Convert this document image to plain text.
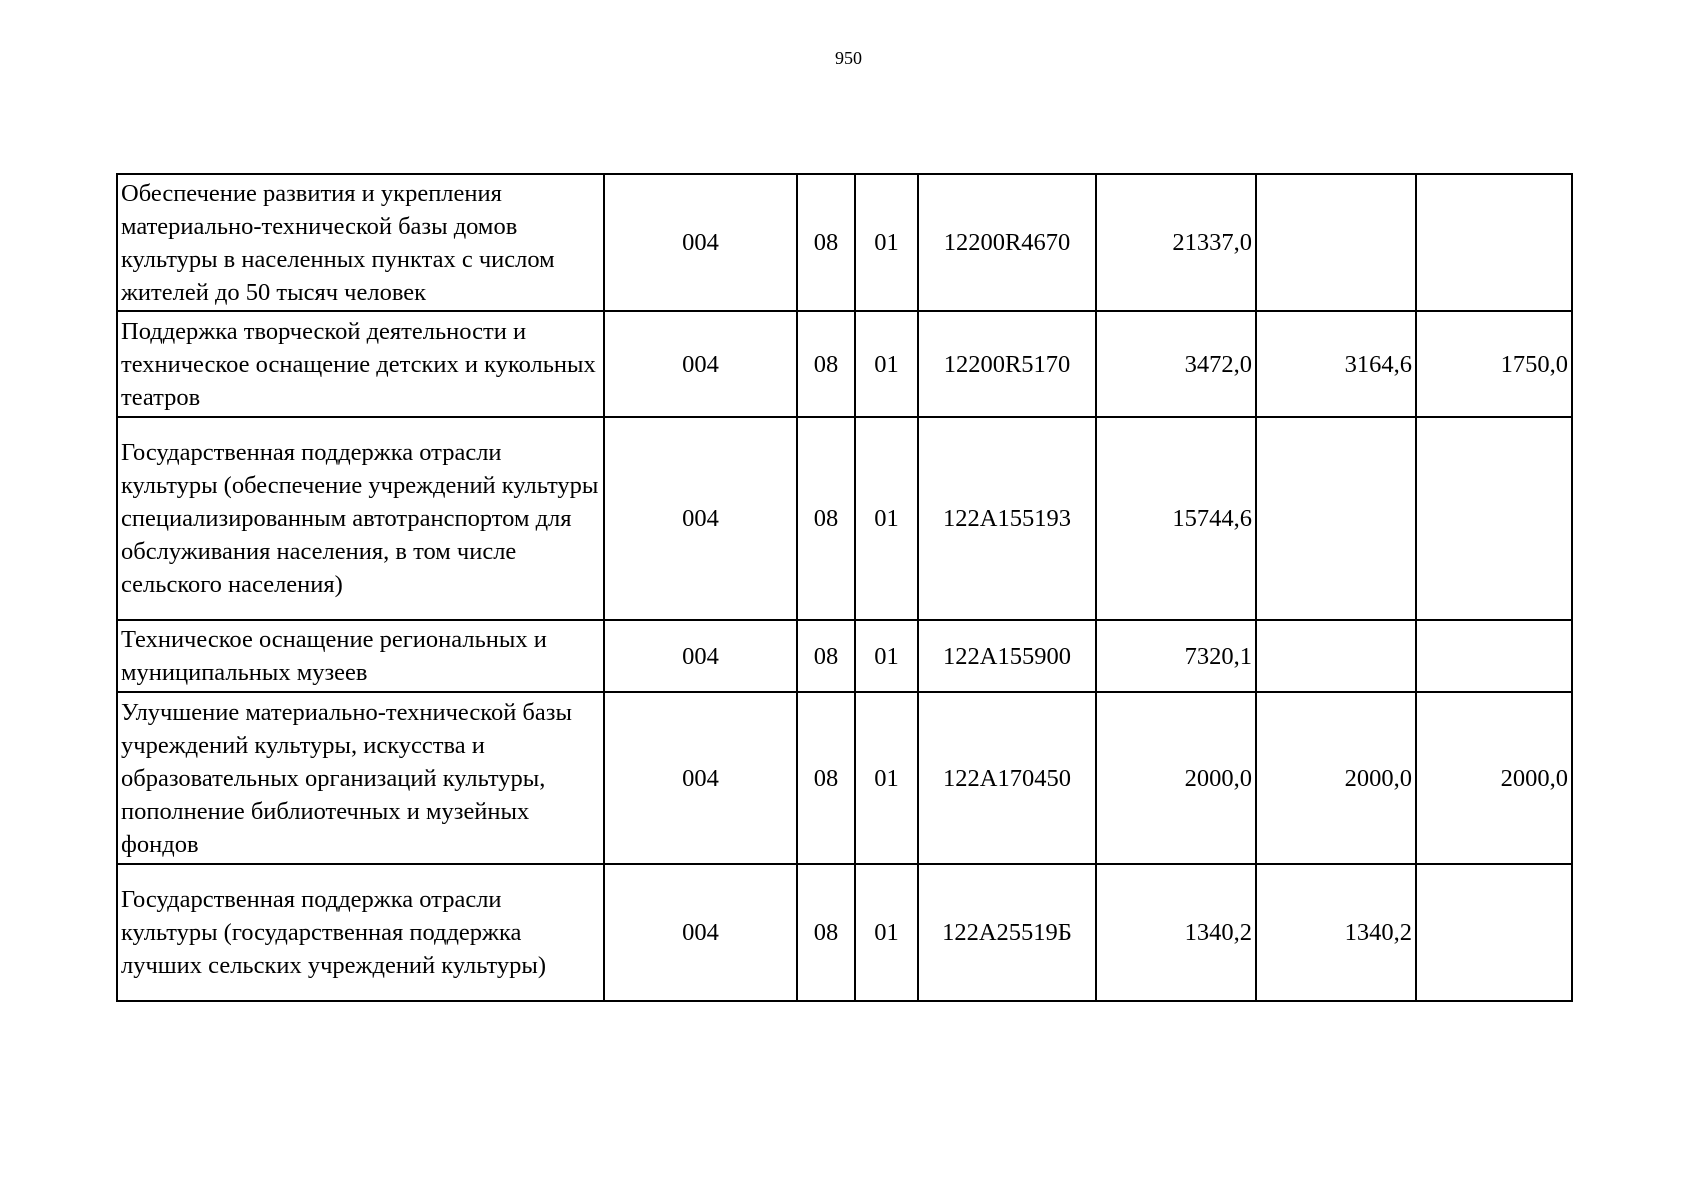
950
Обеспечение развития и укрепления материально-технической базы домов культуры в населенных пунктах с числом жителей до 50 тысяч человек	004	08	01	12200R4670	21337,0		
Поддержка творческой деятельности и техническое оснащение детских и кукольных театров	004	08	01	12200R5170	3472,0	3164,6	1750,0
Государственная поддержка отрасли культуры (обеспечение учреждений культуры специализированным автотранспортом для обслуживания населения, в том числе сельского населения)	004	08	01	122A155193	15744,6		
Техническое оснащение региональных и муниципальных музеев	004	08	01	122A155900	7320,1		
Улучшение материально-технической базы учреждений культуры, искусства и образовательных организаций культуры, пополнение библиотечных и музейных фондов	004	08	01	122A170450	2000,0	2000,0	2000,0
Государственная поддержка отрасли культуры (государственная поддержка лучших сельских учреждений культуры)	004	08	01	122A25519Б	1340,2	1340,2	
